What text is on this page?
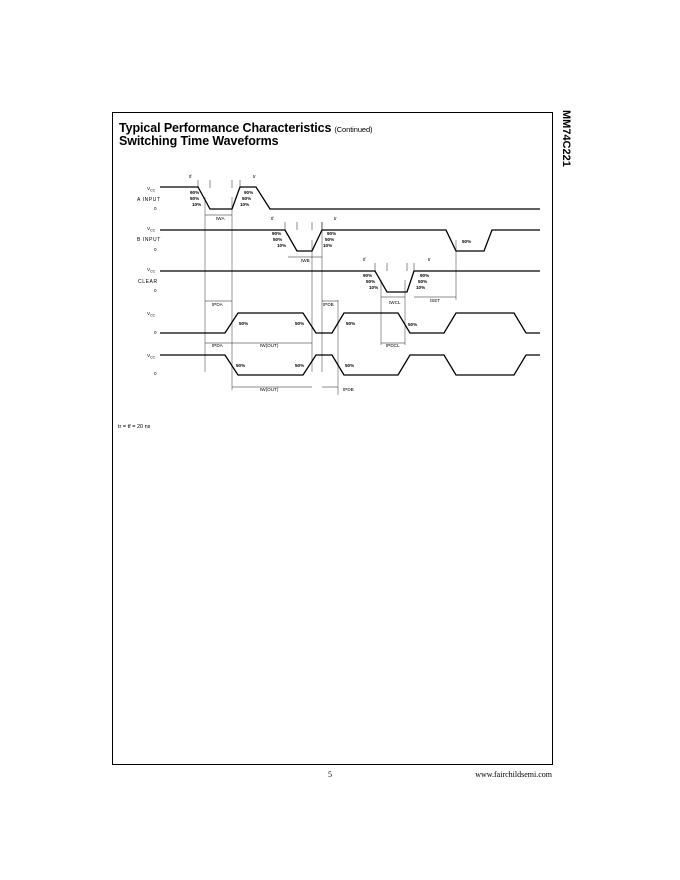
Typical Performance Characteristics (Continued)
Switching Time Waveforms	MM74C221
$V_{CC}$
A INPUT
0
90%
50%
10%
90%
50%
10%
tf	tr
tWA
$V_{CC}$
B INPUT
0
90%
50%
10%
90%
50%
10%
50%
tf	tr
tWB
$V_{CC}$
CLEAR
0
90%
50%
10%
90%
50%
10%
tf	tr
tWCL	tSET
$V_{CC}$
0
50%	50%	50%	50%
tPDA	tPDB
tPDA	tW(OUT)	tPDCL
$V_{CC}$
0
50%	50%	50%
tW(OUT)	tPDB
tr = tf = 20 ns
5	www.fairchildsemi.com
